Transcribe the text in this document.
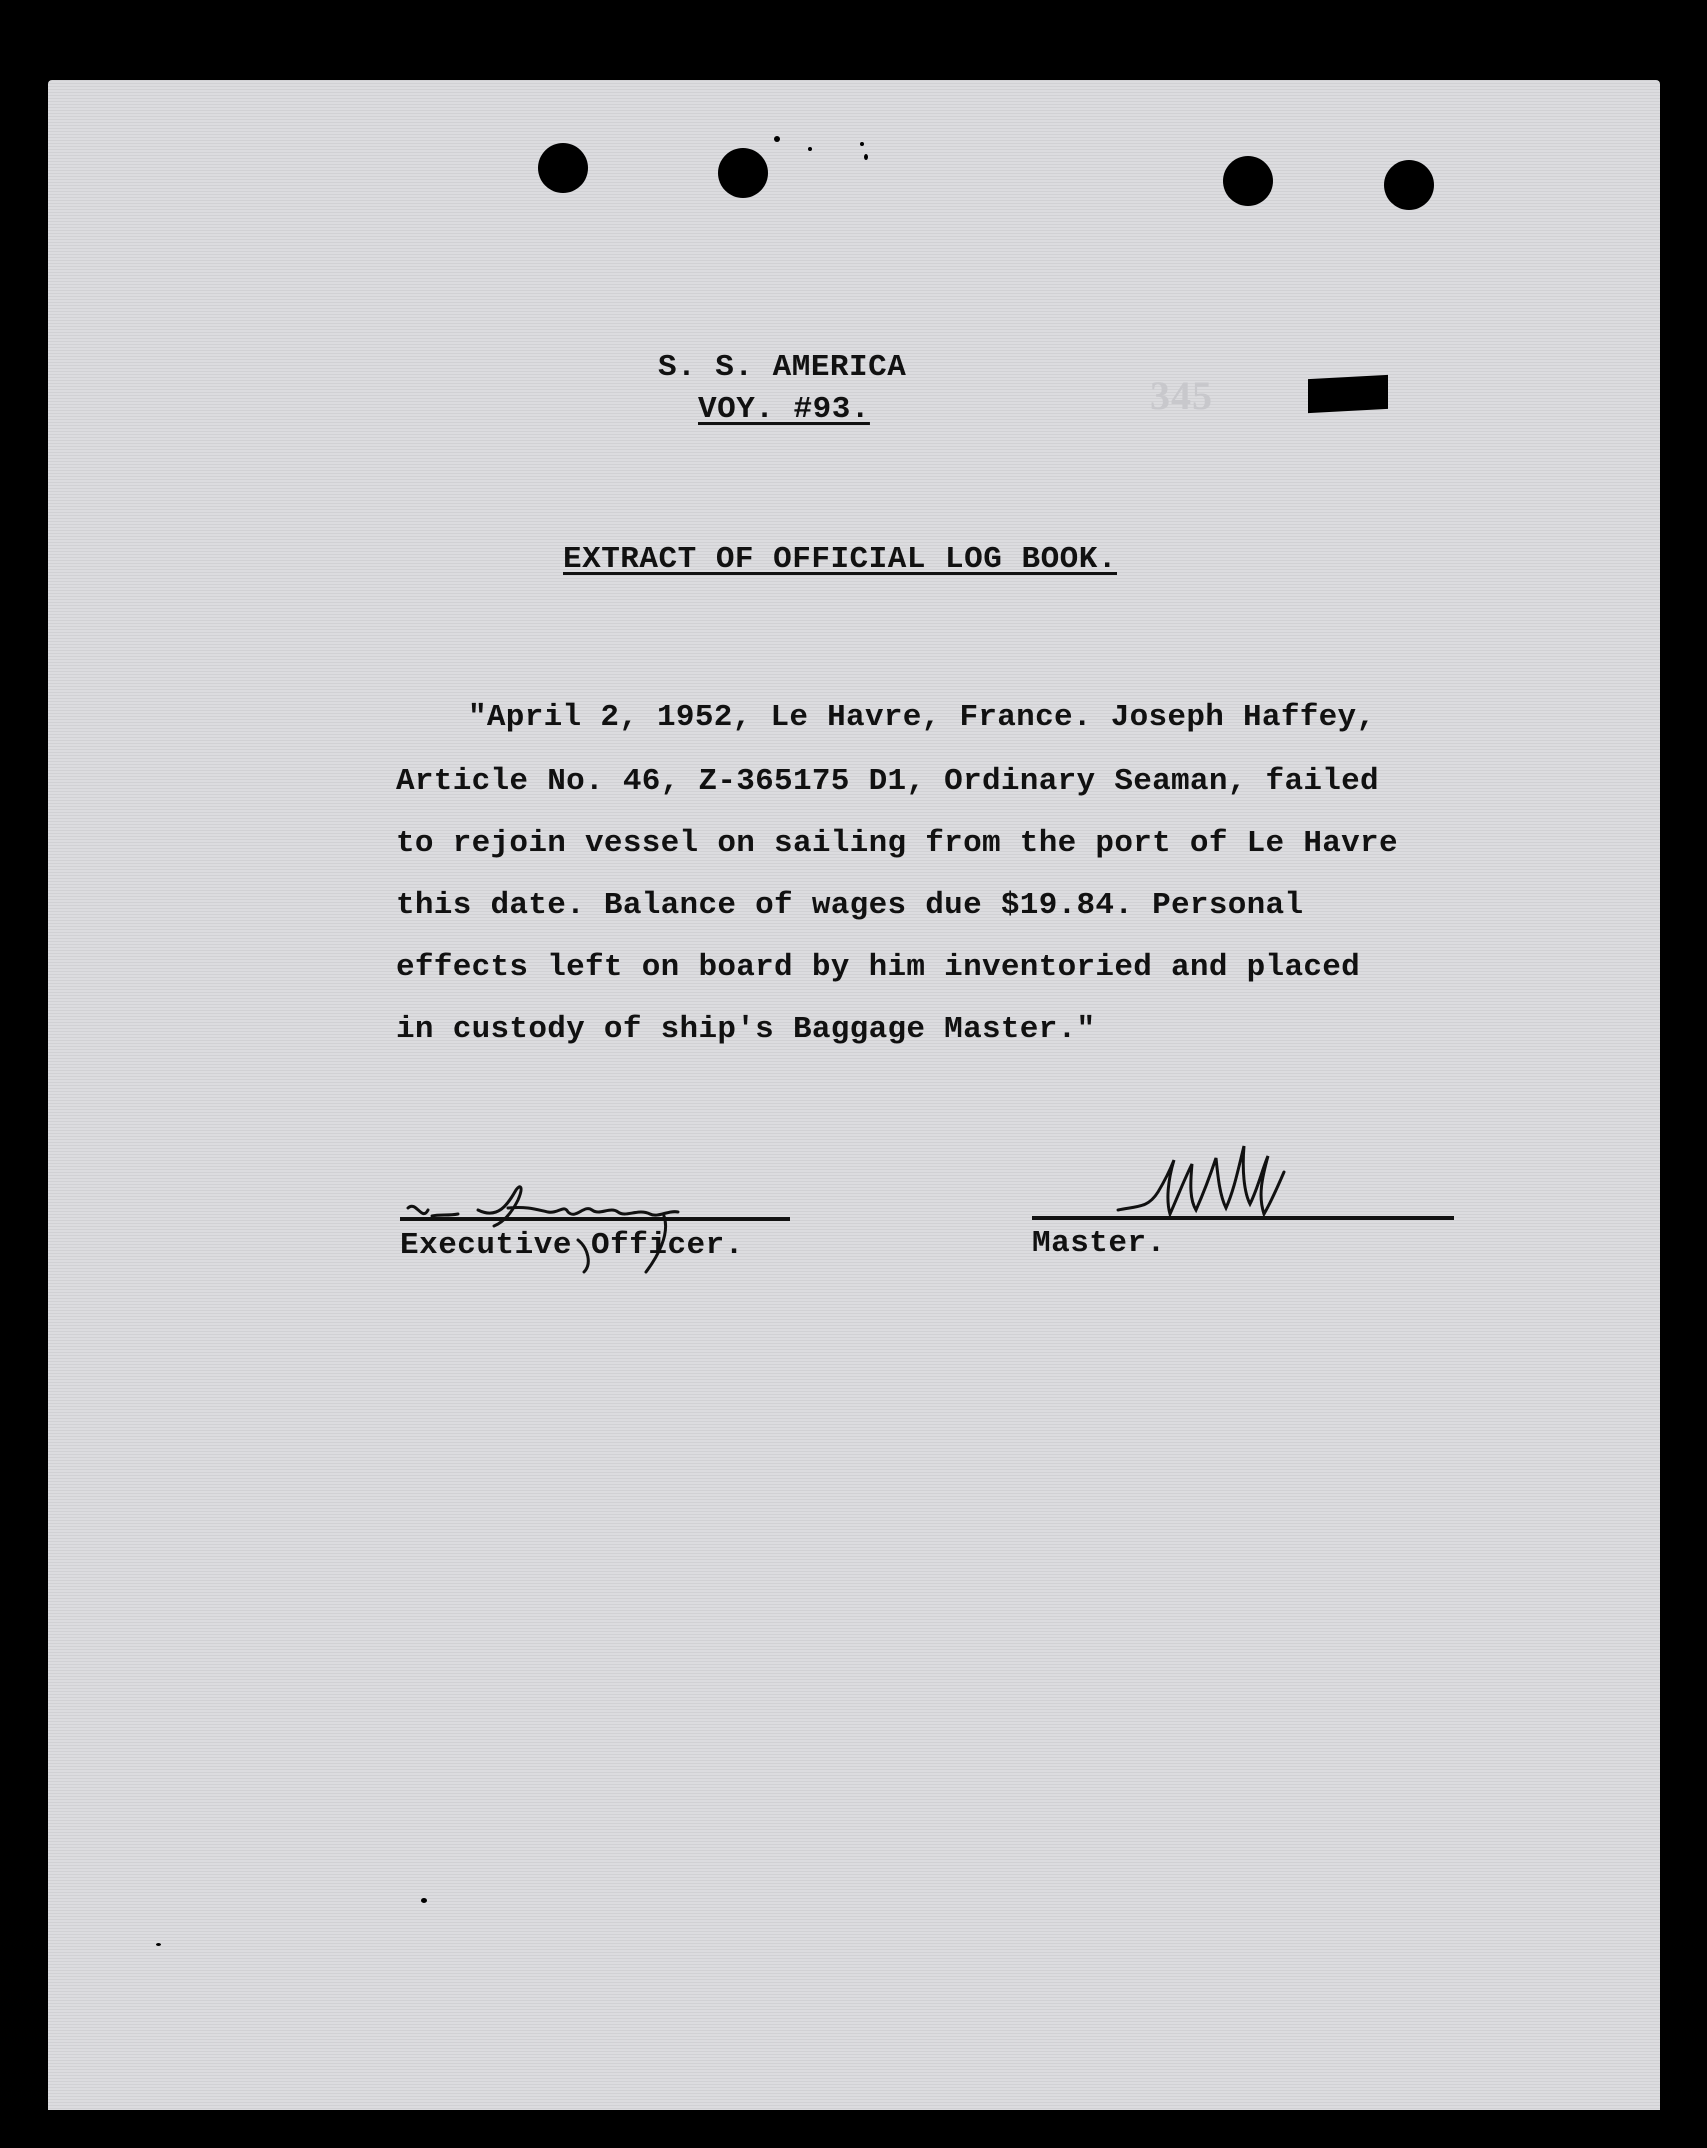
S. S. AMERICA
VOY. #93.	345
EXTRACT OF OFFICIAL LOG BOOK.
"April 2, 1952, Le Havre, France. Joseph Haffey,
Article No. 46, Z-365175 D1, Ordinary Seaman, failed
to rejoin vessel on sailing from the port of Le Havre
this date. Balance of wages due $19.84. Personal
effects left on board by him inventoried and placed
in custody of ship's Baggage Master."
Executive Officer.	Master.
